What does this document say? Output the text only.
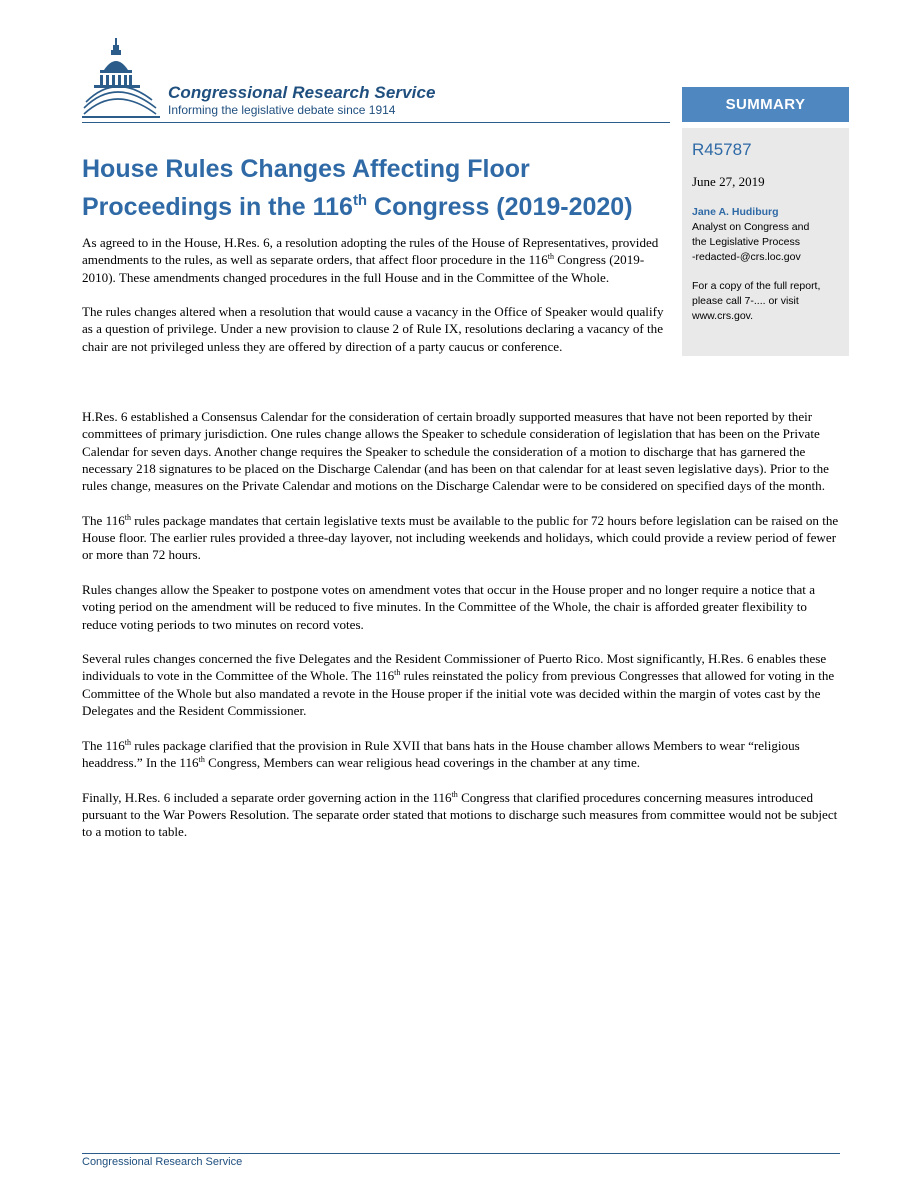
Congressional Research Service
Informing the legislative debate since 1914	SUMMARY
R45787
June 27, 2019
Jane A. Hudiburg
Analyst on Congress and
the Legislative Process
-redacted-@crs.loc.gov
For a copy of the full report,
please call 7-.... or visit
www.crs.gov.
House Rules Changes Affecting Floor Proceedings in the 116th Congress (2019-2020)

As agreed to in the House, H.Res. 6, a resolution adopting the rules of the House of Representatives, provided amendments to the rules, as well as separate orders, that affect floor procedure in the 116th Congress (2019-2010). These amendments changed procedures in the full House and in the Committee of the Whole.

The rules changes altered when a resolution that would cause a vacancy in the Office of Speaker would qualify as a question of privilege. Under a new provision to clause 2 of Rule IX, resolutions declaring a vacancy of the chair are not privileged unless they are offered by direction of a party caucus or conference.

H.Res. 6 established a Consensus Calendar for the consideration of certain broadly supported measures that have not been reported by their committees of primary jurisdiction. One rules change allows the Speaker to schedule consideration of legislation that has been on the Private Calendar for seven days. Another change requires the Speaker to schedule the consideration of a motion to discharge that has garnered the necessary 218 signatures to be placed on the Discharge Calendar (and has been on that calendar for at least seven legislative days). Prior to the rules change, measures on the Private Calendar and motions on the Discharge Calendar were to be considered on specified days of the month.

The 116th rules package mandates that certain legislative texts must be available to the public for 72 hours before legislation can be raised on the House floor. The earlier rules provided a three-day layover, not including weekends and holidays, which could provide a review period of fewer or more than 72 hours.

Rules changes allow the Speaker to postpone votes on amendment votes that occur in the House proper and no longer require a notice that a voting period on the amendment will be reduced to five minutes. In the Committee of the Whole, the chair is afforded greater flexibility to reduce voting periods to two minutes on record votes.

Several rules changes concerned the five Delegates and the Resident Commissioner of Puerto Rico. Most significantly, H.Res. 6 enables these individuals to vote in the Committee of the Whole. The 116th rules reinstated the policy from previous Congresses that allowed for voting in the Committee of the Whole but also mandated a revote in the House proper if the initial vote was decided within the margin of votes cast by the Delegates and the Resident Commissioner.

The 116th rules package clarified that the provision in Rule XVII that bans hats in the House chamber allows Members to wear “religious headdress.” In the 116th Congress, Members can wear religious head coverings in the chamber at any time.

Finally, H.Res. 6 included a separate order governing action in the 116th Congress that clarified procedures concerning measures introduced pursuant to the War Powers Resolution. The separate order stated that motions to discharge such measures from committee would not be subject to a motion to table.

Congressional Research Service
